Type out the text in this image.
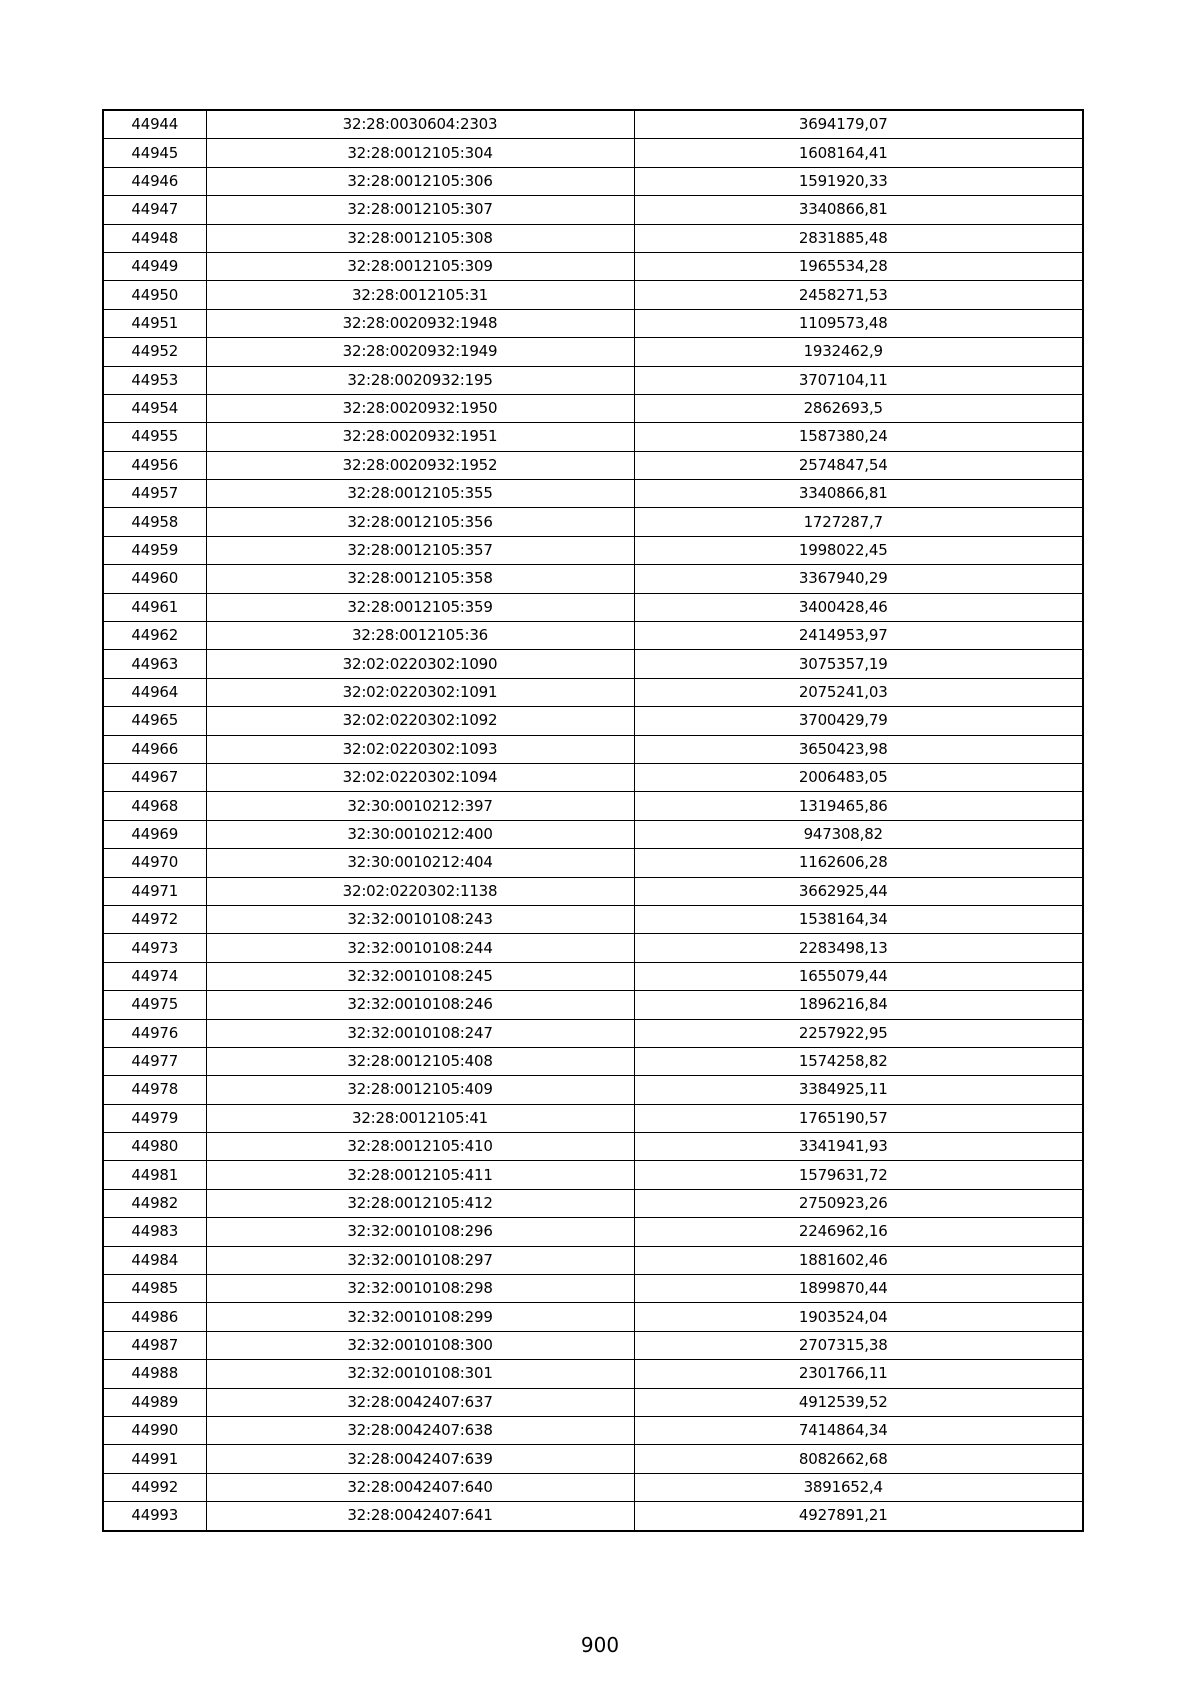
44944	32:28:0030604:2303	3694179,07
44945	32:28:0012105:304	1608164,41
44946	32:28:0012105:306	1591920,33
44947	32:28:0012105:307	3340866,81
44948	32:28:0012105:308	2831885,48
44949	32:28:0012105:309	1965534,28
44950	32:28:0012105:31	2458271,53
44951	32:28:0020932:1948	1109573,48
44952	32:28:0020932:1949	1932462,9
44953	32:28:0020932:195	3707104,11
44954	32:28:0020932:1950	2862693,5
44955	32:28:0020932:1951	1587380,24
44956	32:28:0020932:1952	2574847,54
44957	32:28:0012105:355	3340866,81
44958	32:28:0012105:356	1727287,7
44959	32:28:0012105:357	1998022,45
44960	32:28:0012105:358	3367940,29
44961	32:28:0012105:359	3400428,46
44962	32:28:0012105:36	2414953,97
44963	32:02:0220302:1090	3075357,19
44964	32:02:0220302:1091	2075241,03
44965	32:02:0220302:1092	3700429,79
44966	32:02:0220302:1093	3650423,98
44967	32:02:0220302:1094	2006483,05
44968	32:30:0010212:397	1319465,86
44969	32:30:0010212:400	947308,82
44970	32:30:0010212:404	1162606,28
44971	32:02:0220302:1138	3662925,44
44972	32:32:0010108:243	1538164,34
44973	32:32:0010108:244	2283498,13
44974	32:32:0010108:245	1655079,44
44975	32:32:0010108:246	1896216,84
44976	32:32:0010108:247	2257922,95
44977	32:28:0012105:408	1574258,82
44978	32:28:0012105:409	3384925,11
44979	32:28:0012105:41	1765190,57
44980	32:28:0012105:410	3341941,93
44981	32:28:0012105:411	1579631,72
44982	32:28:0012105:412	2750923,26
44983	32:32:0010108:296	2246962,16
44984	32:32:0010108:297	1881602,46
44985	32:32:0010108:298	1899870,44
44986	32:32:0010108:299	1903524,04
44987	32:32:0010108:300	2707315,38
44988	32:32:0010108:301	2301766,11
44989	32:28:0042407:637	4912539,52
44990	32:28:0042407:638	7414864,34
44991	32:28:0042407:639	8082662,68
44992	32:28:0042407:640	3891652,4
44993	32:28:0042407:641	4927891,21
900
